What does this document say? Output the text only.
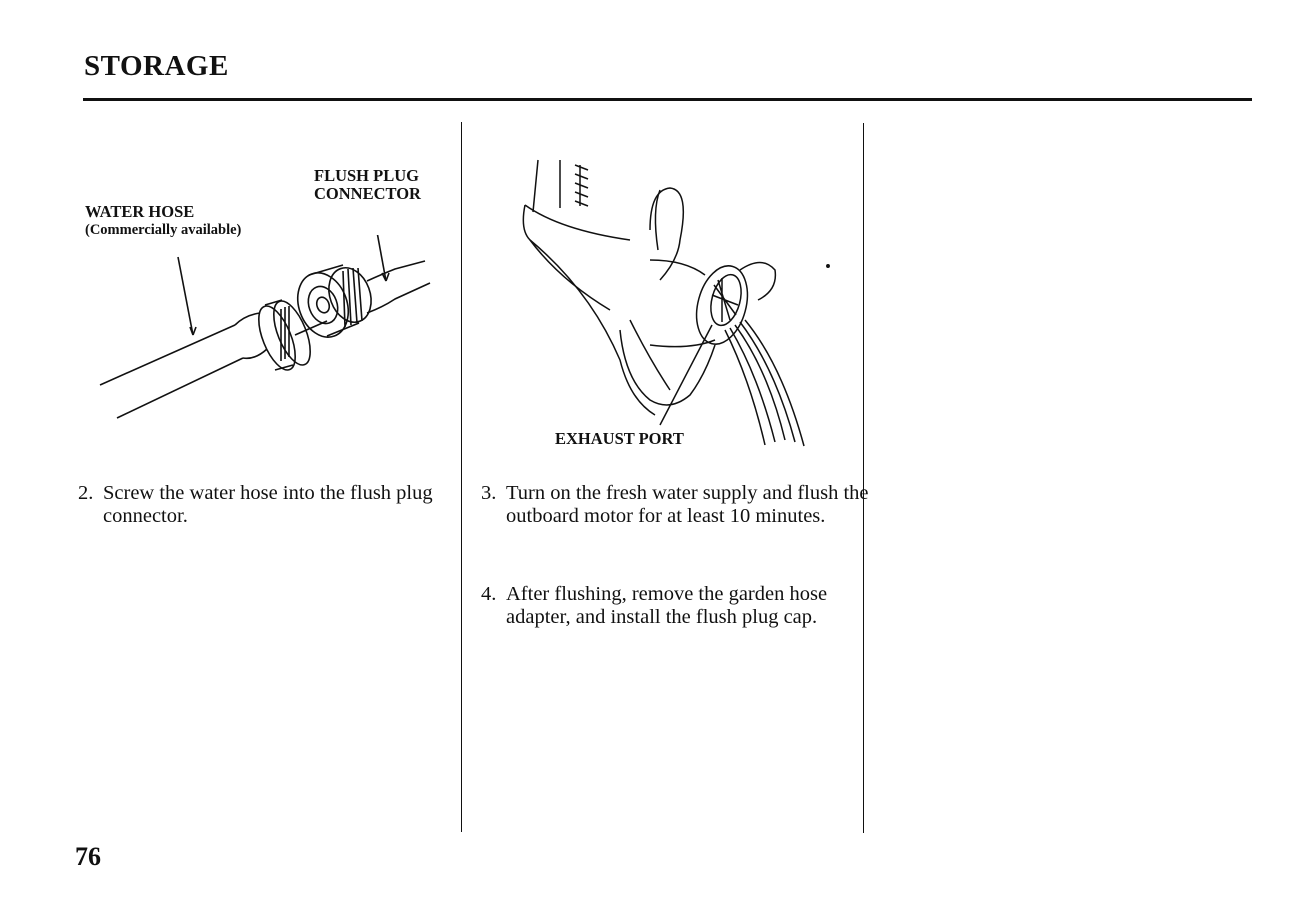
STORAGE

FLUSH PLUG

CONNECTOR

WATER HOSE

(Commercially available)

EXHAUST PORT

2. Screw the water hose into the flush plug connector.

3. Turn on the fresh water supply and flush the outboard motor for at least 10 minutes.

4. After flushing, remove the garden hose adapter, and install the flush plug cap.

76
